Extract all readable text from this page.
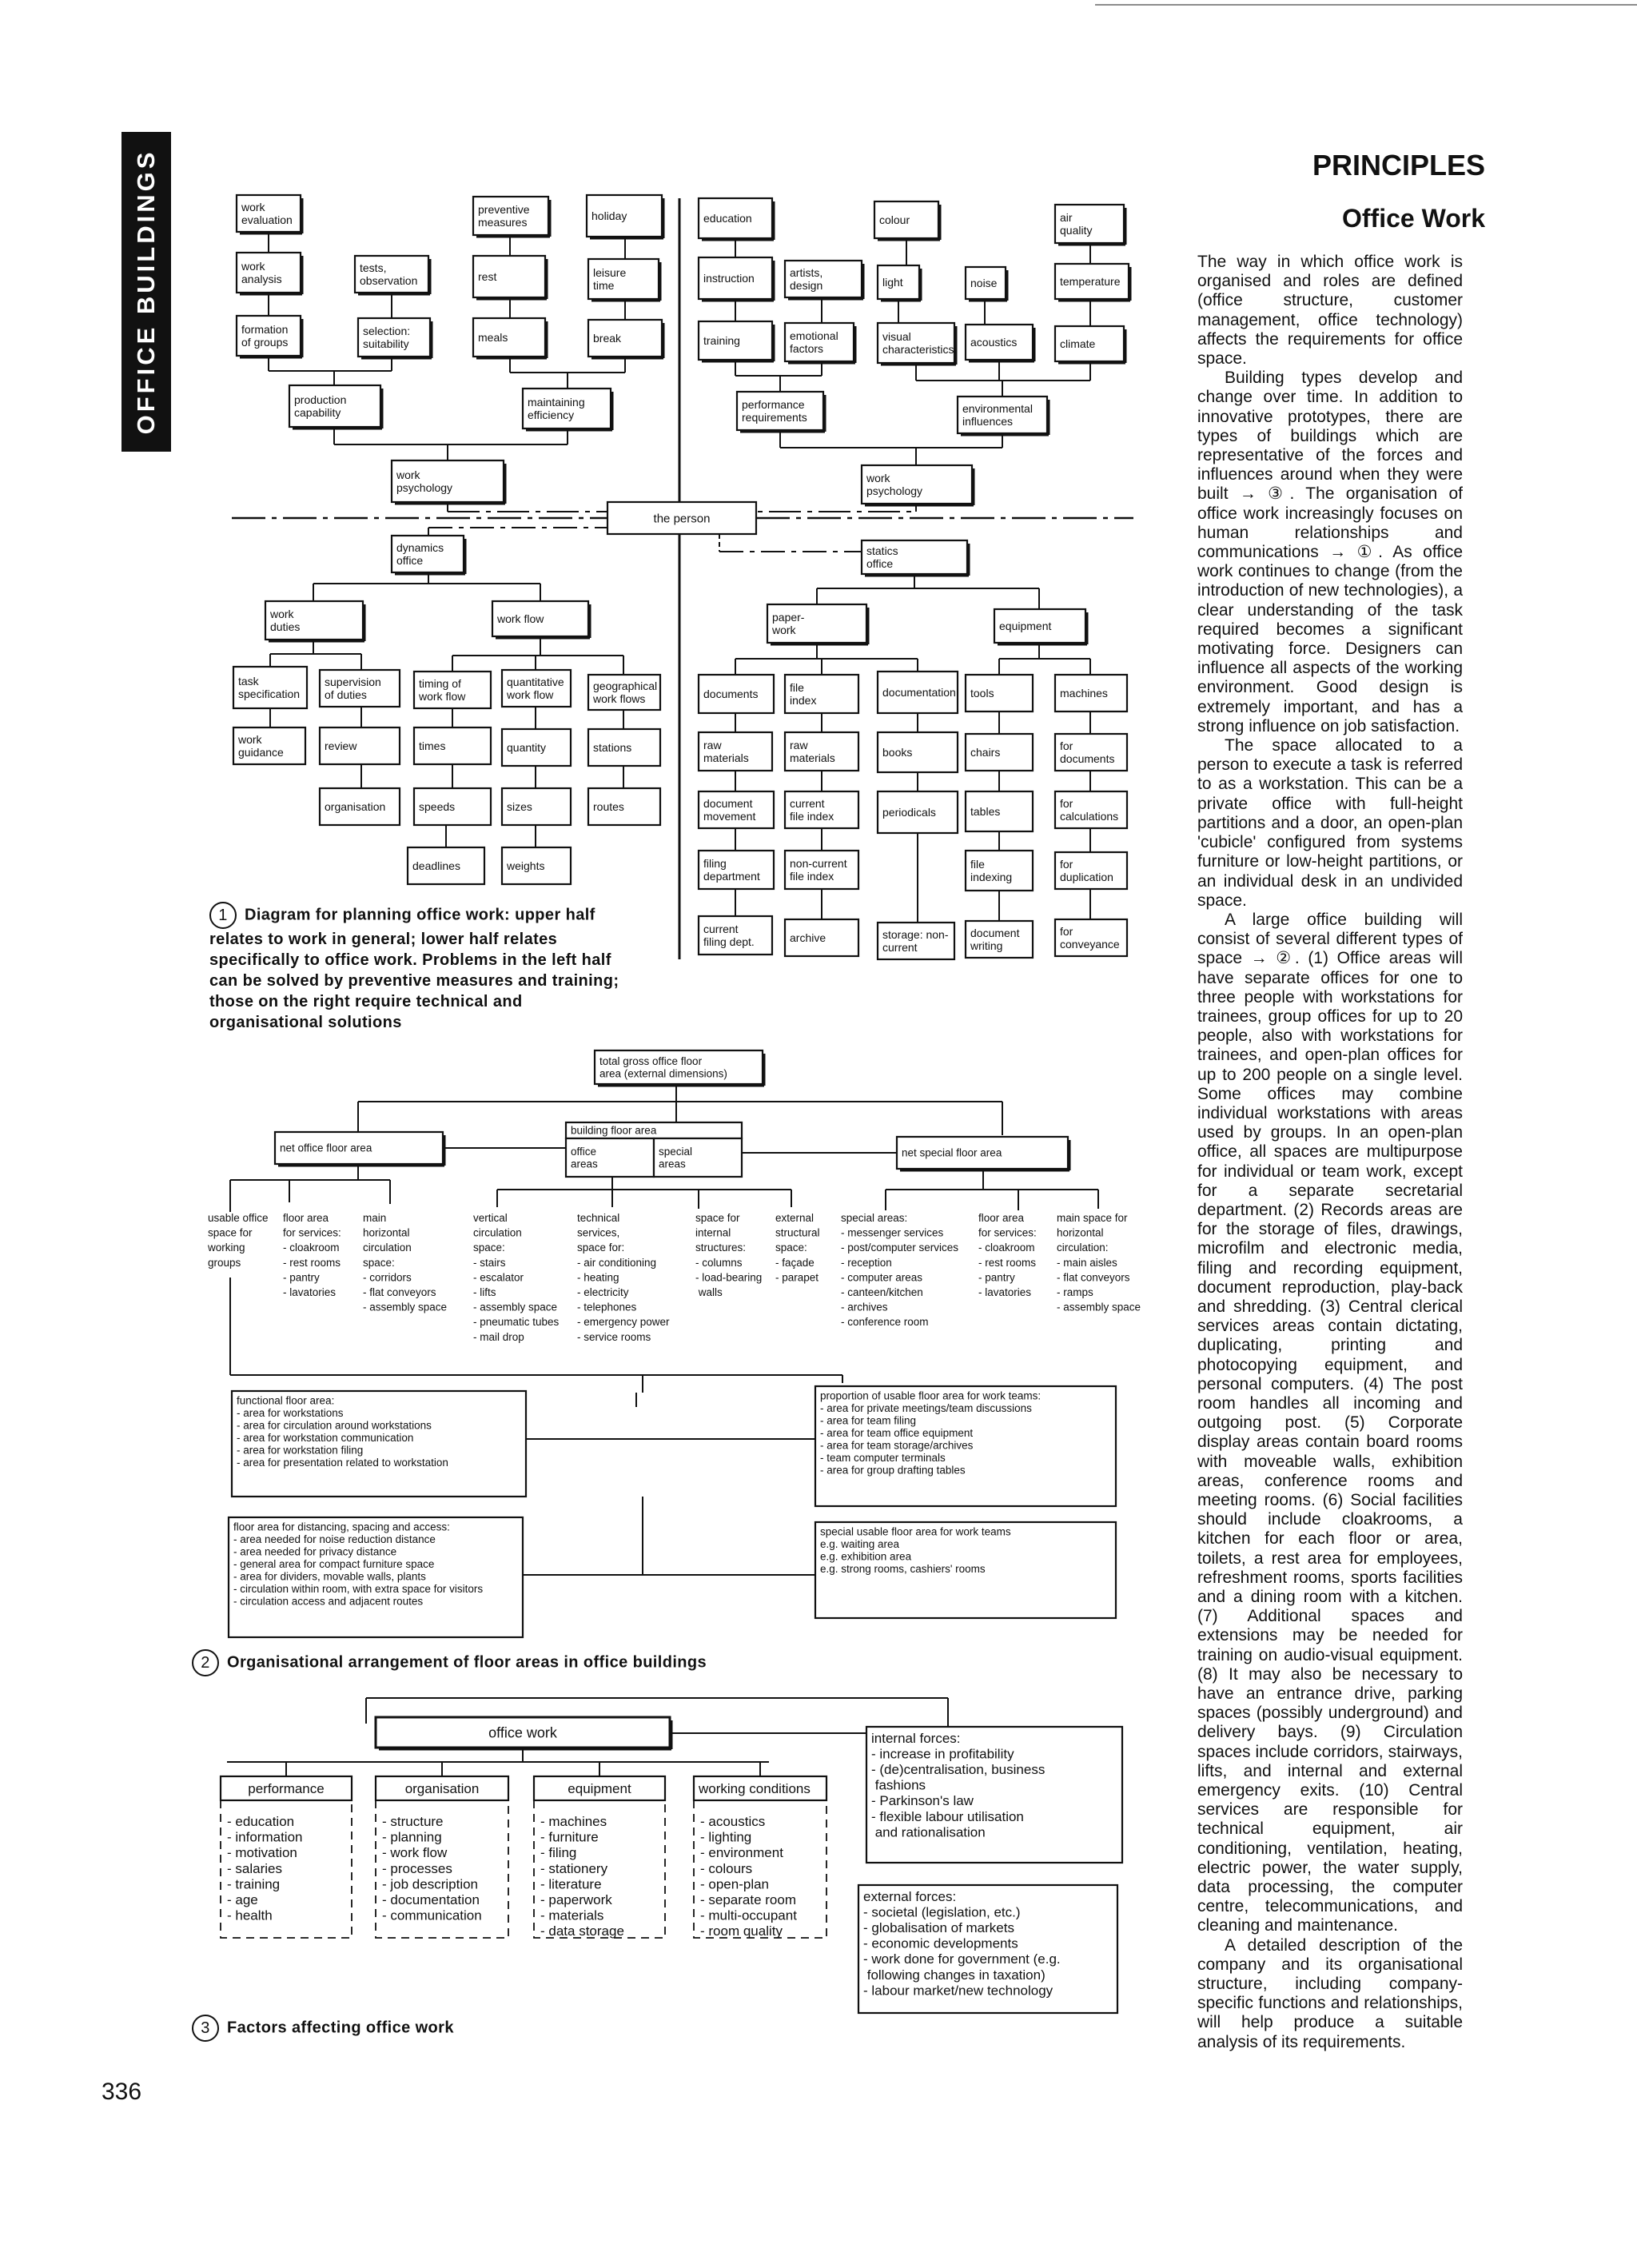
OFFICE BUILDINGS	PRINCIPLES
Office Work

The way in which office work is organised and roles are defined (office structure, customer management, office technology) affects the requirements for office space.

Building types develop and change over time. In addition to innovative prototypes, there are types of buildings which are representative of the forces and influences around when they were built → ③. The organisation of office work increasingly focuses on human relationships and communications → ①. As office work continues to change (from the introduction of new technologies), a clear understanding of the task required becomes a significant motivating force. Designers can influence all aspects of the working environment. Good design is extremely important, and has a strong influence on job satisfaction.

The space allocated to a person to execute a task is referred to as a workstation. This can be a private office with full-height partitions and a door, an open-plan 'cubicle' configured from systems furniture or low-height partitions, or an individual desk in an undivided space.

A large office building will consist of several different types of space → ②. (1) Office areas will have separate offices for one to three people with workstations for trainees, group offices for up to 20 people, also with workstations for trainees, and open-plan offices for up to 200 people on a single level. Some offices may combine individual workstations with areas used by groups. In an open-plan office, all spaces are multipurpose for individual or team work, except for a separate secretarial department. (2) Records areas are for the storage of files, drawings, microfilm and electronic media, filing and recording equipment, document reproduction, play-back and shredding. (3) Central clerical services areas contain dictating, duplicating, printing and photocopying equipment, and personal computers. (4) The post room handles all incoming and outgoing post. (5) Corporate display areas contain board rooms with moveable walls, exhibition areas, conference rooms and meeting rooms. (6) Social facilities should include cloakrooms, a kitchen for each floor or area, toilets, a rest area for employees, refreshment rooms, sports facilities and a dining room with a kitchen. (7) Additional spaces and extensions may be needed for training on audio-visual equipment. (8) It may also be necessary to have an entrance drive, parking spaces (possibly underground) and delivery bays. (9) Circulation spaces include corridors, stairways, lifts, and internal and external emergency exits. (10) Central services are responsible for technical equipment, air conditioning, ventilation, heating, electric power, the water supply, data processing, the computer centre, telecommunications, and cleaning and maintenance.

A detailed description of the company and its organisational structure, including company-specific functions and relationships, will help produce a suitable analysis of its requirements.

1 Diagram for planning office work: upper half relates to work in general; lower half relates specifically to office work. Problems in the left half can be solved by preventive measures and training; those on the right require technical and organisational solutions
2 Organisational arrangement of floor areas in office buildings
3 Factors affecting office work
336
the person
work evaluation
work analysis
tests, observation
formation of groups
selection: suitability
preventive measures
holiday
rest	leisure time
meals	break
production capability
maintaining efficiency
work psychology
education	colour	air quality
instruction	artists, design	light	noise	temperature
training	emotional factors
visual characteristics
acoustics	climate
performance requirements
environmental influences
work psychology
dynamics office
statics office
work duties
work flow
task specification
supervision of duties
timing of work flow
quantitative work flow
geographical work flows
work guidance
review	times	quantity	stations
organisation	speeds	sizes	routes
deadlines	weights
paper-work	equipment
documents
file index
documentation tools	machines
raw materials
raw materials	books	chairs
for documents
document movement
current file index	periodicals	tables
for calculations
filing department
non-current file index
file indexing
for duplication
current filing dept.	archive	storage: non-current
document writing
for conveyance
total gross office floor area (external dimensions)
building floor area
office areas
special areas
net office floor area	net special floor area
usable office space for working groups
floor area for services: - cloakroom - rest rooms - pantry - lavatories
main horizontal circulation space: - corridors - flat conveyors - assembly space
vertical circulation space: - stairs - escalator - lifts - assembly space - pneumatic tubes - mail drop
technical services, space for: - air conditioning - heating - electricity - telephones - emergency power - service rooms
space for internal structures: - columns - load-bearing walls
external structural space: - façade - parapet
special areas: - messenger services - post/computer services - reception - computer areas - canteen/kitchen - archives - conference room
floor area for services: - cloakroom - rest rooms - pantry - lavatories
main space for horizontal circulation: - main aisles - flat conveyors - ramps - assembly space
functional floor area: - area for workstations - area for circulation around workstations - area for workstation communication - area for workstation filing - area for presentation related to workstation
proportion of usable floor area for work teams: - area for private meetings/team discussions - area for team filing - area for team office equipment - area for team storage/archives - team computer terminals - area for group drafting tables
floor area for distancing, spacing and access: - area needed for noise reduction distance - area needed for privacy distance - general area for compact furniture space - area for dividers, movable walls, plants - circulation within room, with extra space for visitors - circulation access and adjacent routes
special usable floor area for work teams e.g. waiting area e.g. exhibition area e.g. strong rooms, cashiers' rooms
office work
performance
- education - information - motivation - salaries - training - age - health
organisation
- structure - planning - work flow - processes - job description - documentation - communication
equipment
- machines - furniture - filing - stationery - literature - paperwork - materials - data storage
working conditions
- acoustics - lighting - environment - colours - open-plan - separate room - multi-occupant - room quality
internal forces: - increase in profitability - (de)centralisation, business fashions - Parkinson's law - flexible labour utilisation and rationalisation
external forces: - societal (legislation, etc.) - globalisation of markets - economic developments - work done for government (e.g. following changes in taxation) - labour market/new technology
